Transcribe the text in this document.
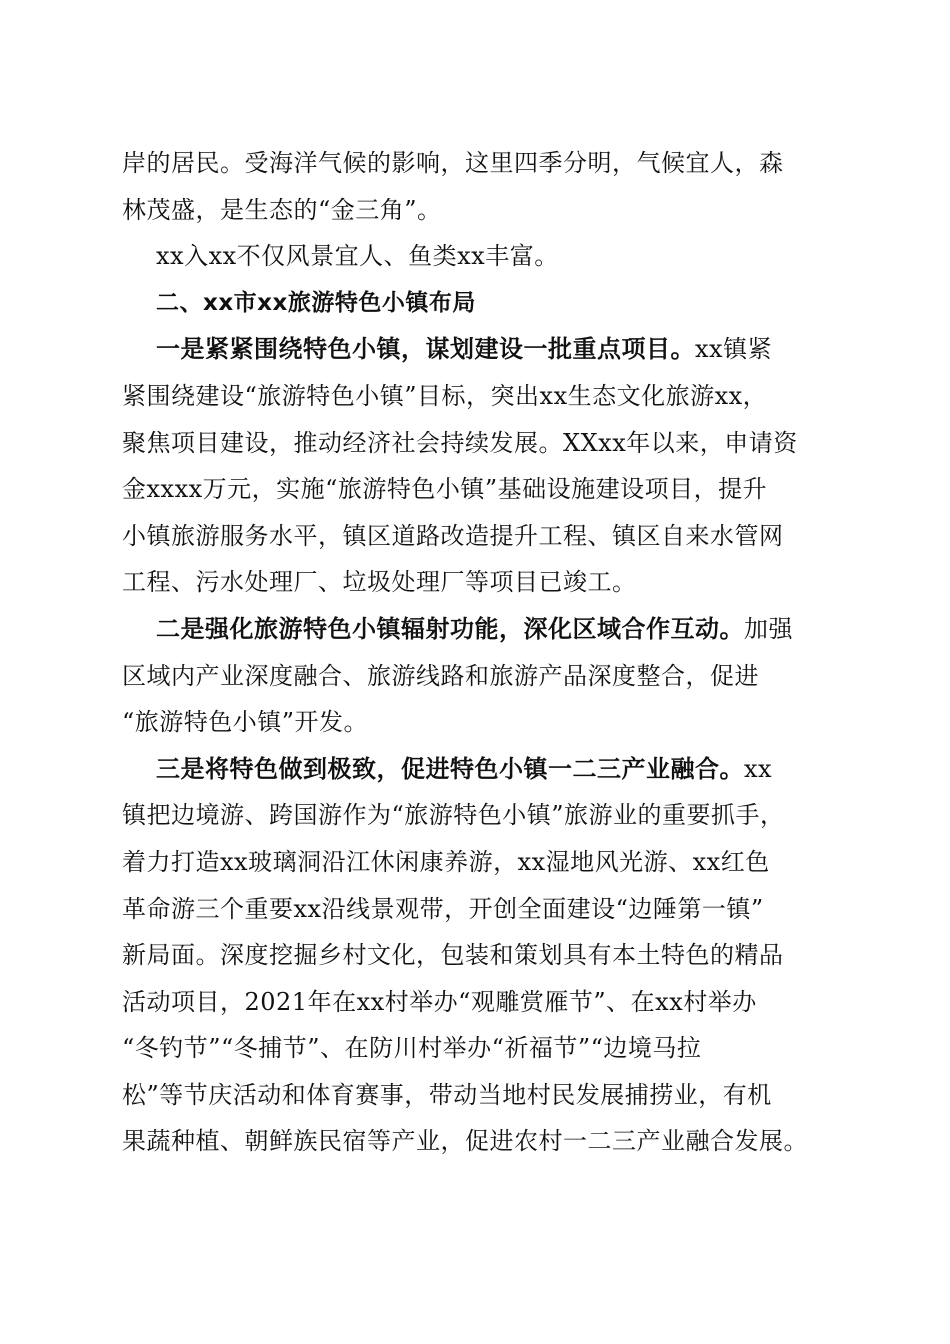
岸的居民。受海洋气候的影响，这里四季分明，气候宜人，森
林茂盛，是生态的“金三角”。
xx入xx不仅风景宜人、鱼类xx丰富。
二、xx市xx旅游特色小镇布局
一是紧紧围绕特色小镇，谋划建设一批重点项目。xx镇紧
紧围绕建设“旅游特色小镇”目标，突出xx生态文化旅游xx，
聚焦项目建设，推动经济社会持续发展。XXxx年以来，申请资
金xxxx万元，实施“旅游特色小镇”基础设施建设项目，提升
小镇旅游服务水平，镇区道路改造提升工程、镇区自来水管网
工程、污水处理厂、垃圾处理厂等项目已竣工。
二是强化旅游特色小镇辐射功能，深化区域合作互动。加强
区域内产业深度融合、旅游线路和旅游产品深度整合，促进
“旅游特色小镇”开发。
三是将特色做到极致，促进特色小镇一二三产业融合。xx
镇把边境游、跨国游作为“旅游特色小镇”旅游业的重要抓手，
着力打造xx玻璃洞沿江休闲康养游，xx湿地风光游、xx红色
革命游三个重要xx沿线景观带，开创全面建设“边陲第一镇”
新局面。深度挖掘乡村文化，包装和策划具有本土特色的精品
活动项目，2021年在xx村举办“观雕赏雁节”、在xx村举办
“冬钓节”“冬捕节”、在防川村举办“祈福节”“边境马拉
松”等节庆活动和体育赛事，带动当地村民发展捕捞业，有机
果蔬种植、朝鲜族民宿等产业，促进农村一二三产业融合发展。
